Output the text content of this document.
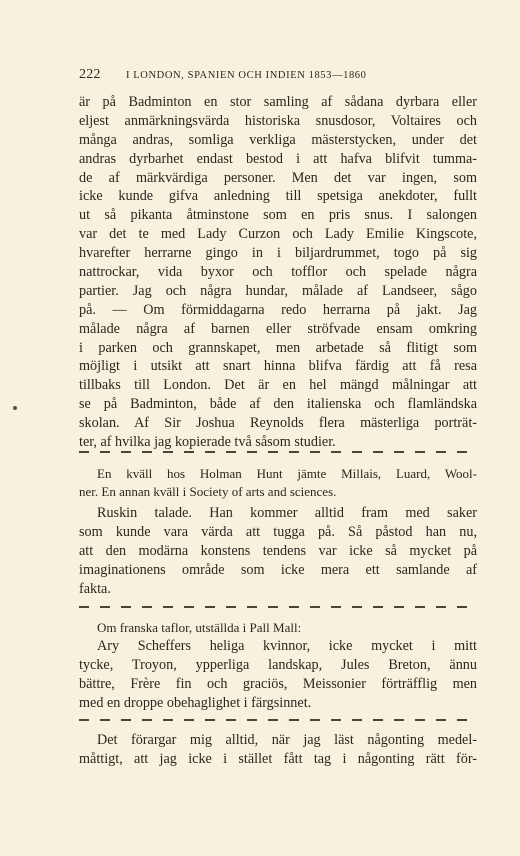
222 I LONDON, SPANIEN OCH INDIEN 1853—1860
är på Badminton en stor samling af sådana dyrbara eller
eljest anmärkningsvärda historiska snusdosor, Voltaires och
många andras, somliga verkliga mästerstycken, under det
andras dyrbarhet endast bestod i att hafva blifvit tumma-
de af märkvärdiga personer. Men det var ingen, som
icke kunde gifva anledning till spetsiga anekdoter, fullt
ut så pikanta åtminstone som en pris snus. I salongen
var det te med Lady Curzon och Lady Emilie Kingscote,
hvarefter herrarne gingo in i biljardrummet, togo på sig
nattrockar, vida byxor och tofflor och spelade några
partier. Jag och några hundar, målade af Landseer, sågo
på. — Om förmiddagarna redo herrarna på jakt. Jag
målade några af barnen eller ströfvade ensam omkring
i parken och grannskapet, men arbetade så flitigt som
möjligt i utsikt att snart hinna blifva färdig att få resa
tillbaks till London. Det är en hel mängd målningar att
se på Badminton, både af den italienska och flamländska
skolan. Af Sir Joshua Reynolds flera mästerliga porträt-
ter, af hvilka jag kopierade två såsom studier.
En kväll hos Holman Hunt jämte Millais, Luard, Wool-
ner. En annan kväll i Society of arts and sciences.
Ruskin talade. Han kommer alltid fram med saker
som kunde vara värda att tugga på. Så påstod han nu,
att den modärna konstens tendens var icke så mycket på
imaginationens område som icke mera ett samlande af
fakta.
Om franska taflor, utställda i Pall Mall:
Ary Scheffers heliga kvinnor, icke mycket i mitt
tycke, Troyon, ypperliga landskap, Jules Breton, ännu
bättre, Frère fin och graciös, Meissonier förträfflig men
med en droppe obehaglighet i färgsinnet.
Det förargar mig alltid, när jag läst någonting medel-
måttigt, att jag icke i stället fått tag i någonting rätt för-
